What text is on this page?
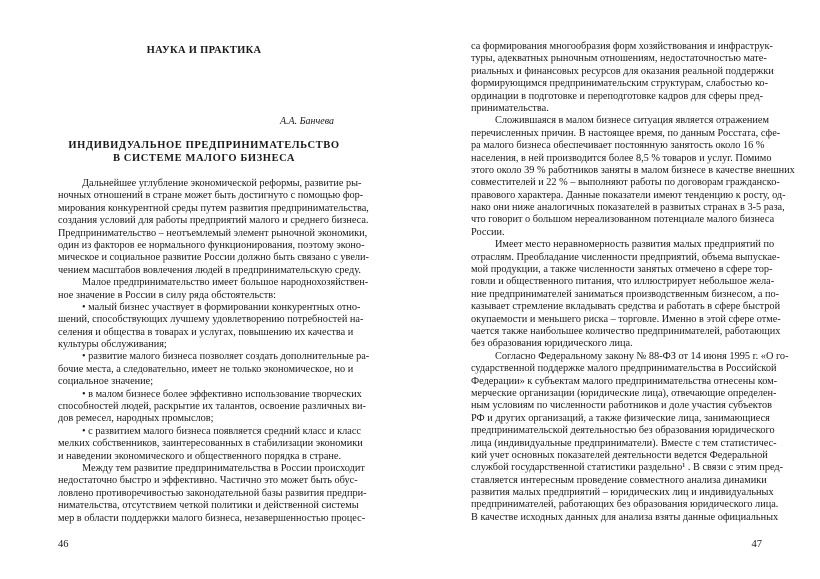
НАУКА И ПРАКТИКА
А.А. Банчева
ИНДИВИДУАЛЬНОЕ ПРЕДПРИНИМАТЕЛЬСТВО
В СИСТЕМЕ МАЛОГО БИЗНЕСА
Дальнейшее углубление экономической реформы, развитие ры-
ночных отношений в стране может быть достигнуто с помощью фор-
мирования конкурентной среды путем развития предпринимательства,
создания условий для работы предприятий малого и среднего бизнеса.
Предпринимательство – неотъемлемый элемент рыночной экономики,
один из факторов ее нормального функционирования, поэтому эконо-
мическое и социальное развитие России должно быть связано с увели-
чением масштабов вовлечения людей в предпринимательскую среду.
Малое предпринимательство имеет большое народнохозяйствен-
ное значение в России в силу ряда обстоятельств:
• малый бизнес участвует в формировании конкурентных отно-
шений, способствующих лучшему удовлетворению потребностей на-
селения и общества в товарах и услугах, повышению их качества и
культуры обслуживания;
• развитие малого бизнеса позволяет создать дополнительные ра-
бочие места, а следовательно, имеет не только экономическое, но и
социальное значение;
• в малом бизнесе более эффективно использование творческих
способностей людей, раскрытие их талантов, освоение различных ви-
дов ремесел, народных промыслов;
• с развитием малого бизнеса появляется средний класс и класс
мелких собственников, заинтересованных в стабилизации экономики
и наведении экономического и общественного порядка в стране.
Между тем развитие предпринимательства в России происходит
недостаточно быстро и эффективно. Частично это может быть обус-
ловлено противоречивостью законодательной базы развития предпри-
нимательства, отсутствием четкой политики и действенной системы
мер в области поддержки малого бизнеса, незавершенностью процес-
са формирования многообразия форм хозяйствования и инфраструк-
туры, адекватных рыночным отношениям, недостаточностью мате-
риальных и финансовых ресурсов для оказания реальной поддержки
формирующимся предпринимательским структурам, слабостью ко-
ординации в подготовке и переподготовке кадров для сферы пред-
принимательства.
Сложившаяся в малом бизнесе ситуация является отражением
перечисленных причин. В настоящее время, по данным Росстата, сфе-
ра малого бизнеса обеспечивает постоянную занятость около 16 %
населения, в ней производится более 8,5 % товаров и услуг. Помимо
этого около 39 % работников заняты в малом бизнесе в качестве внешних
совместителей и 22 % – выполняют работы по договорам гражданско-
правового характера. Данные показатели имеют тенденцию к росту, од-
нако они ниже аналогичных показателей в развитых странах в 3-5 раза,
что говорит о большом нереализованном потенциале малого бизнеса
России.
Имеет место неравномерность развития малых предприятий по
отраслям. Преобладание численности предприятий, объема выпускае-
мой продукции, а также численности занятых отмечено в сфере тор-
говли и общественного питания, что иллюстрирует небольшое жела-
ние предпринимателей заниматься производственным бизнесом, а по-
казывает стремление вкладывать средства и работать в сфере быстрой
окупаемости и меньшего риска – торговле. Именно в этой сфере отме-
чается также наибольшее количество предпринимателей, работающих
без образования юридического лица.
Согласно Федеральному закону № 88-ФЗ от 14 июня 1995 г. «О го-
сударственной поддержке малого предпринимательства в Российской
Федерации» к субъектам малого предпринимательства отнесены ком-
мерческие организации (юридические лица), отвечающие определен-
ным условиям по численности работников и доле участия субъектов
РФ и других организаций, а также физические лица, занимающиеся
предпринимательской деятельностью без образования юридического
лица (индивидуальные предприниматели). Вместе с тем статистичес-
кий учет основных показателей деятельности ведется Федеральной
службой государственной статистики раздельно¹ . В связи с этим пред-
ставляется интересным проведение совместного анализа динамики
развития малых предприятий – юридических лиц и индивидуальных
предпринимателей, работающих без образования юридического лица.
В качестве исходных данных для анализа взяты данные официальных
46	47
